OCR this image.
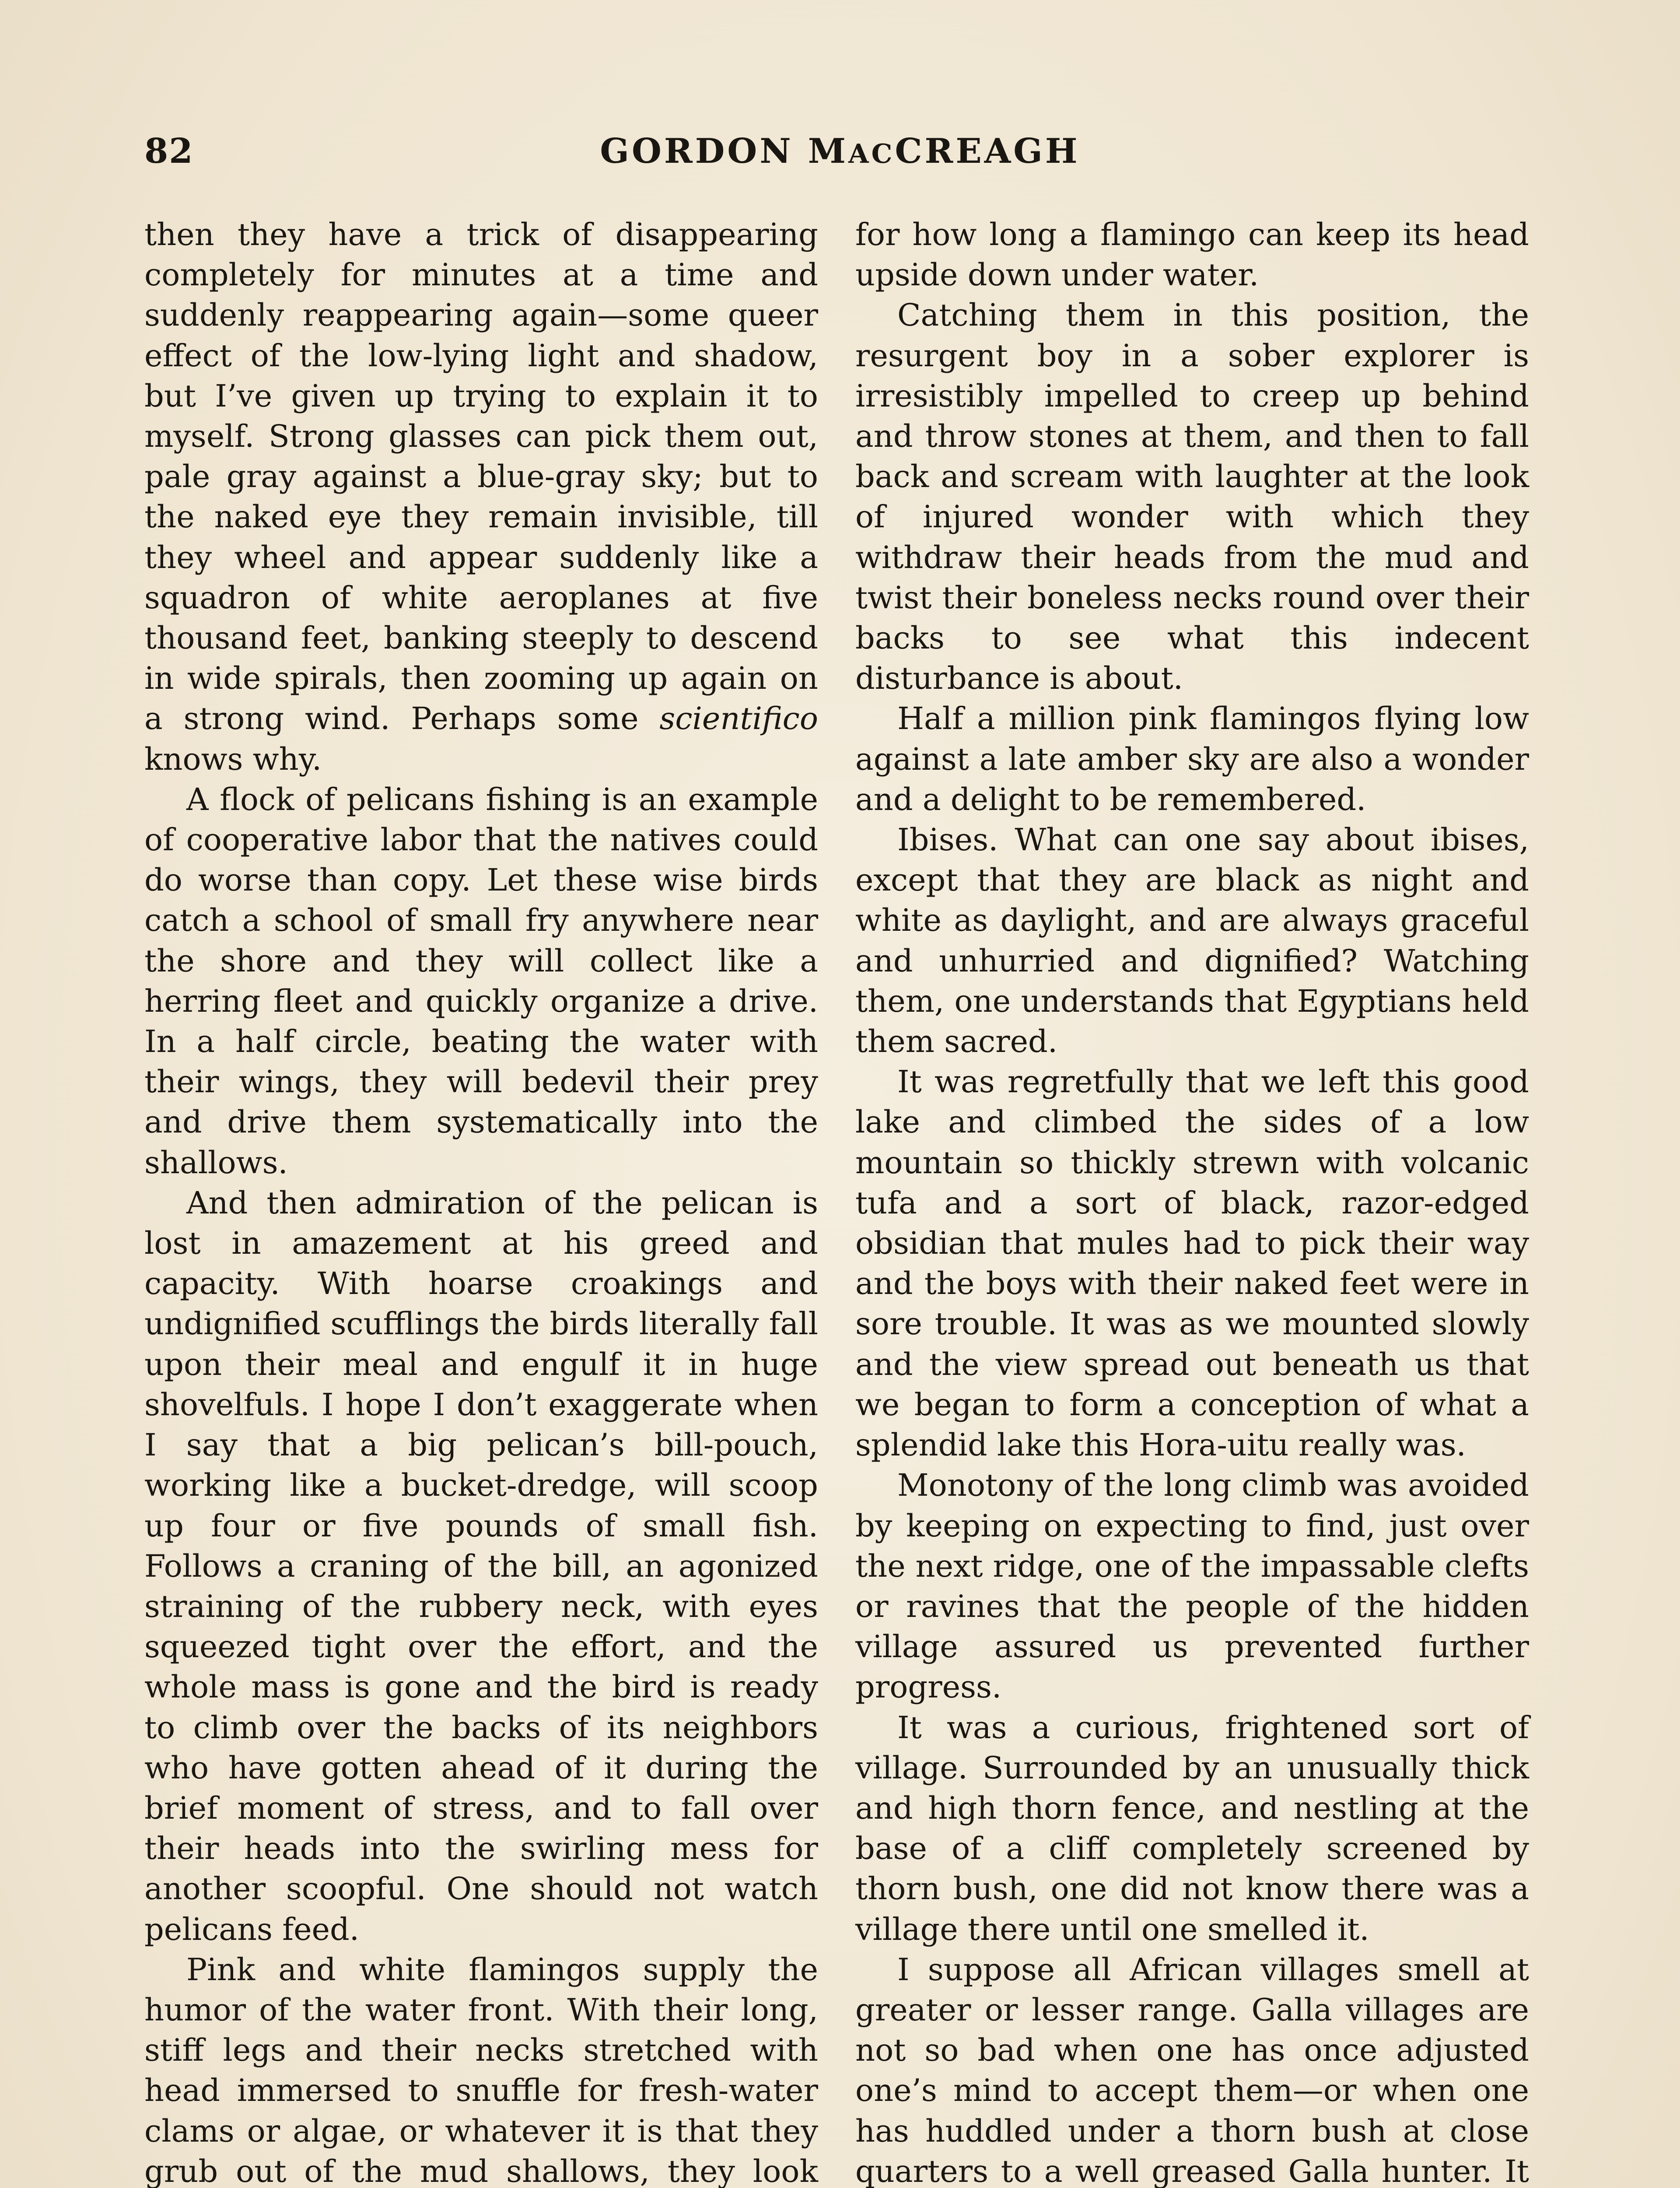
82	GORDON MACCREAGH

then they have a trick of disappearing completely for minutes at a time and suddenly reappearing again—some queer effect of the low-lying light and shadow, but I’ve given up trying to explain it to myself. Strong glasses can pick them out, pale gray against a blue-gray sky; but to the naked eye they remain invisible, till they wheel and appear suddenly like a squadron of white aeroplanes at five thousand feet, banking steeply to descend in wide spirals, then zooming up again on a strong wind. Perhaps some scientifico knows why.

A flock of pelicans fishing is an example of cooperative labor that the natives could do worse than copy. Let these wise birds catch a school of small fry anywhere near the shore and they will collect like a herring fleet and quickly organize a drive. In a half circle, beating the water with their wings, they will bedevil their prey and drive them systematically into the shallows.

And then admiration of the pelican is lost in amazement at his greed and capacity. With hoarse croakings and undignified scufflings the birds literally fall upon their meal and engulf it in huge shovelfuls. I hope I don’t exaggerate when I say that a big pelican’s bill-pouch, working like a bucket-dredge, will scoop up four or five pounds of small fish. Follows a craning of the bill, an agonized straining of the rubbery neck, with eyes squeezed tight over the effort, and the whole mass is gone and the bird is ready to climb over the backs of its neighbors who have gotten ahead of it during the brief moment of stress, and to fall over their heads into the swirling mess for another scoopful. One should not watch pelicans feed.

Pink and white flamingos supply the humor of the water front. With their long, stiff legs and their necks stretched with head immersed to snuffle for fresh-water clams or algae, or whatever it is that they grub out of the mud shallows, they look

for how long a flamingo can keep its head upside down under water.

Catching them in this position, the resurgent boy in a sober explorer is irresistibly impelled to creep up behind and throw stones at them, and then to fall back and scream with laughter at the look of injured wonder with which they withdraw their heads from the mud and twist their boneless necks round over their backs to see what this indecent disturbance is about.

Half a million pink flamingos flying low against a late amber sky are also a wonder and a delight to be remembered.

Ibises. What can one say about ibises, except that they are black as night and white as daylight, and are always graceful and unhurried and dignified? Watching them, one understands that Egyptians held them sacred.

It was regretfully that we left this good lake and climbed the sides of a low mountain so thickly strewn with volcanic tufa and a sort of black, razor-edged obsidian that mules had to pick their way and the boys with their naked feet were in sore trouble. It was as we mounted slowly and the view spread out beneath us that we began to form a conception of what a splendid lake this Hora-uitu really was.

Monotony of the long climb was avoided by keeping on expecting to find, just over the next ridge, one of the impassable clefts or ravines that the people of the hidden village assured us prevented further progress.

It was a curious, frightened sort of village. Surrounded by an unusually thick and high thorn fence, and nestling at the base of a cliff completely screened by thorn bush, one did not know there was a village there until one smelled it.

I suppose all African villages smell at greater or lesser range. Galla villages are not so bad when one has once adjusted one’s mind to accept them—or when one has huddled under a thorn bush at close quarters to a well greased Galla hunter. It
